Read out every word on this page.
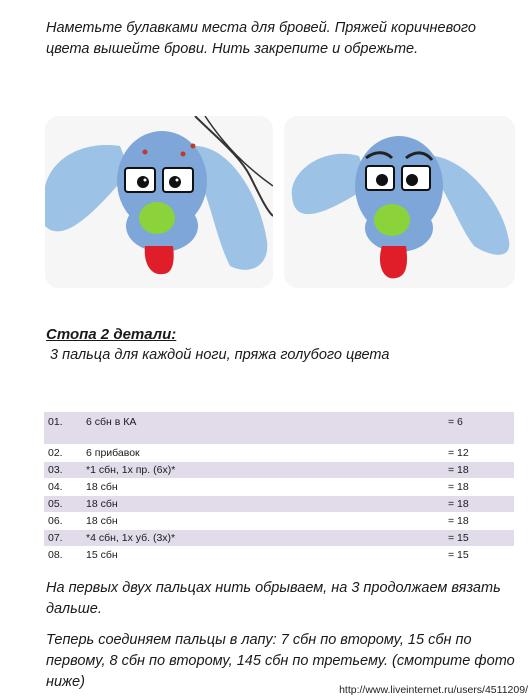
Наметьте булавками места для бровей. Пряжей коричневого цвета вышейте брови. Нить закрепите и обрежьте.

Стопа 2 детали:
3 пальца для каждой ноги, пряжа голубого цвета
01.	6 сбн в КА	= 6
02.	6 прибавок	= 12
03.	*1 сбн, 1х пр. (6х)*	= 18
04.	18 сбн	= 18
05.	18 сбн	= 18
06.	18 сбн	= 18
07.	*4 сбн, 1х уб. (3х)*	= 15
08.	15 сбн	= 15

На первых двух пальцах нить обрываем, на 3 продолжаем вязать дальше.

Теперь соединяем пальцы в лапу: 7 сбн по второму, 15 сбн по первому, 8 сбн по второму, 145 сбн по третьему. (смотрите фото ниже)	http://www.liveinternet.ru/users/4511209/
